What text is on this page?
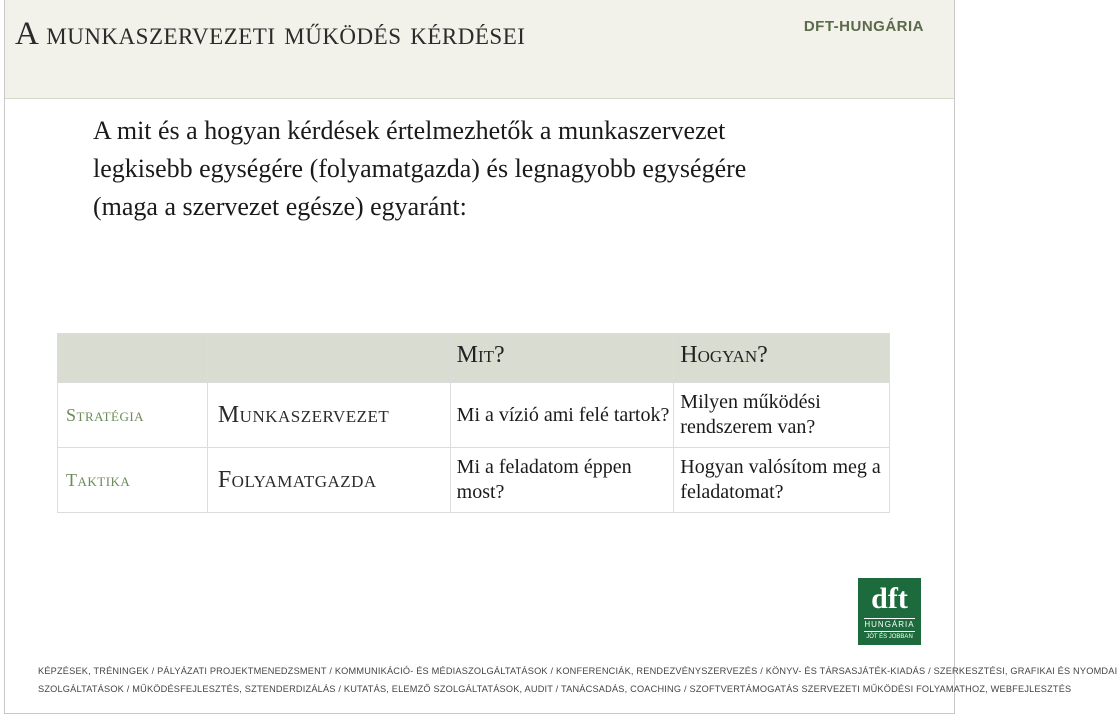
A munkaszervezeti működés kérdései	DFT-HUNGÁRIA
A mit és a hogyan kérdések értelmezhetők a munkaszervezet
legkisebb egységére (folyamatgazda) és legnagyobb egységére
(maga a szervezet egésze) egyaránt:
		Mit?	Hogyan?
Stratégia	Munkaszervezet	Mi a vízió ami felé tartok?	Milyen működési rendszerem van?
Taktika	Folyamatgazda	Mi a feladatom éppen most?	Hogyan valósítom meg a feladatomat?
dft
HUNGÁRIA
JÓT ÉS JOBBAN
KÉPZÉSEK, TRÉNINGEK / PÁLYÁZATI PROJEKTMENEDZSMENT / KOMMUNIKÁCIÓ- ÉS MÉDIASZOLGÁLTATÁSOK / KONFERENCIÁK, RENDEZVÉNYSZERVEZÉS / KÖNYV- ÉS TÁRSASJÁTÉK-KIADÁS / SZERKESZTÉSI, GRAFIKAI ÉS NYOMDAI
SZOLGÁLTATÁSOK / MŰKÖDÉSFEJLESZTÉS, SZTENDERDIZÁLÁS / KUTATÁS, ELEMZŐ SZOLGÁLTATÁSOK, AUDIT / TANÁCSADÁS, COACHING / SZOFTVERTÁMOGATÁS SZERVEZETI MŰKÖDÉSI FOLYAMATHOZ, WEBFEJLESZTÉS
